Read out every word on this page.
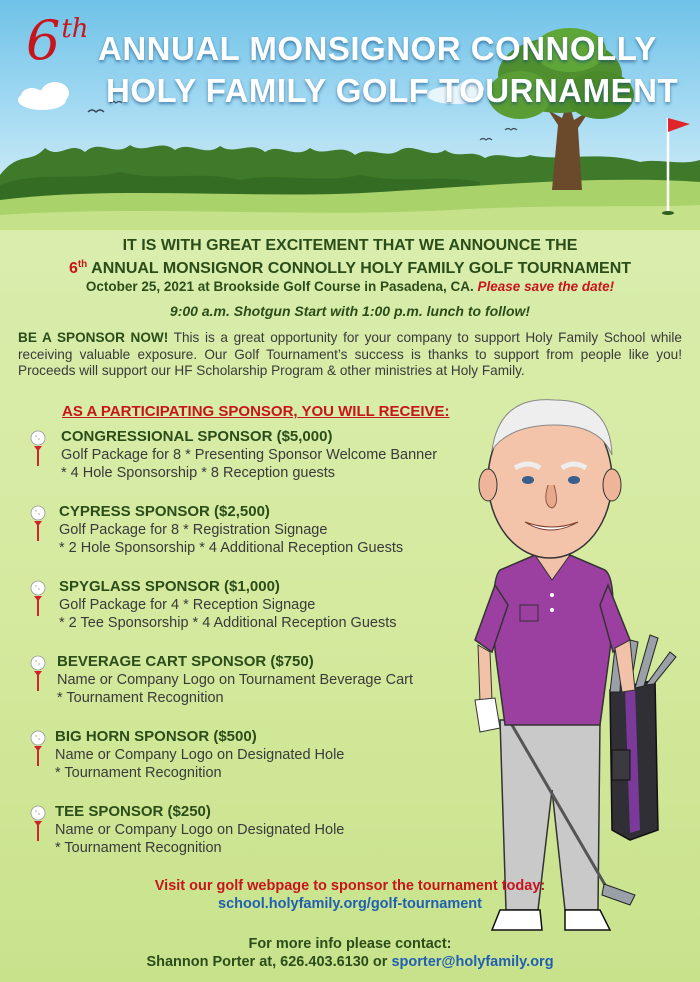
6th
ANNUAL MONSIGNOR CONNOLLY
HOLY FAMILY GOLF TOURNAMENT
IT IS WITH GREAT EXCITEMENT THAT WE ANNOUNCE THE
6th ANNUAL MONSIGNOR CONNOLLY HOLY FAMILY GOLF TOURNAMENT
October 25, 2021 at Brookside Golf Course in Pasadena, CA. Please save the date!
9:00 a.m. Shotgun Start with 1:00 p.m. lunch to follow!
BE A SPONSOR NOW! This is a great opportunity for your company to support Holy Family School while receiving valuable exposure. Our Golf Tournament’s success is thanks to support from people like you! Proceeds will support our HF Scholarship Program & other ministries at Holy Family.
AS A PARTICIPATING SPONSOR, YOU WILL RECEIVE:
CONGRESSIONAL SPONSOR ($5,000)
Golf Package for 8 * Presenting Sponsor Welcome Banner
* 4 Hole Sponsorship * 8 Reception guests
CYPRESS SPONSOR ($2,500)
Golf Package for 8 * Registration Signage
* 2 Hole Sponsorship * 4 Additional Reception Guests
SPYGLASS SPONSOR ($1,000)
Golf Package for 4 * Reception Signage
* 2 Tee Sponsorship * 4 Additional Reception Guests
BEVERAGE CART SPONSOR ($750)
Name or Company Logo on Tournament Beverage Cart
* Tournament Recognition
BIG HORN SPONSOR ($500)
Name or Company Logo on Designated Hole
* Tournament Recognition
TEE SPONSOR ($250)
Name or Company Logo on Designated Hole
* Tournament Recognition
Visit our golf webpage to sponsor the tournament today:
school.holyfamily.org/golf-tournament
For more info please contact:
Shannon Porter at, 626.403.6130 or sporter@holyfamily.org
